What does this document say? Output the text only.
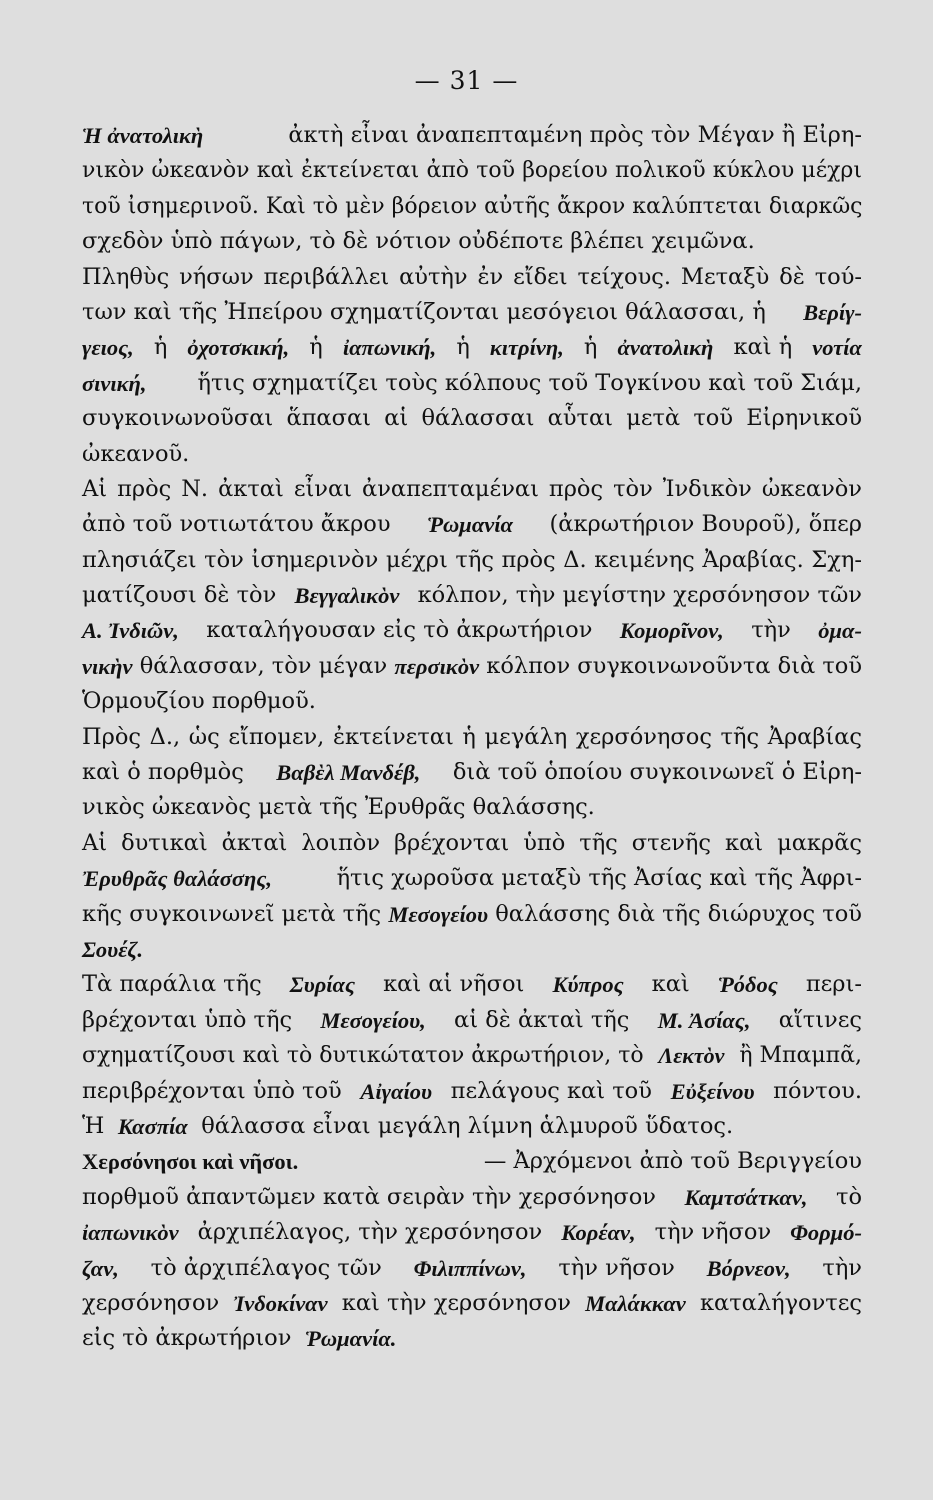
— 31 —
Ἡ ἀνατολικὴ	ἀκτὴ εἶναι ἀναπεπταμένη πρὸς τὸν Μέγαν ἢ Εἰρη-
νικὸν ὠκεανὸν καὶ ἐκτείνεται ἀπὸ τοῦ βορείου πολικοῦ κύκλου μέχρι
τοῦ ἰσημερινοῦ. Καὶ τὸ μὲν βόρειον αὐτῆς ἄκρον καλύπτεται διαρκῶς
σχεδὸν ὑπὸ πάγων, τὸ δὲ νότιον οὐδέποτε βλέπει χειμῶνα.
Πληθὺς νήσων περιβάλλει αὐτὴν ἐν εἴδει τείχους. Μεταξὺ δὲ τού-
των καὶ τῆς Ἠπείρου σχηματίζονται μεσόγειοι θάλασσαι, ἡ Βερίγ-
γειος, ἡ ὀχοτσκική, ἡ ἰαπωνική, ἡ κιτρίνη, ἡ ἀνατολικὴ καὶ ἡ νοτία
σινική, ἥτις σχηματίζει τοὺς κόλπους τοῦ Τογκίνου καὶ τοῦ Σιάμ,
συγκοινωνοῦσαι ἅπασαι αἱ θάλασσαι αὗται μετὰ τοῦ Εἰρηνικοῦ
ὠκεανοῦ.
Αἱ πρὸς Ν. ἀκταὶ εἶναι ἀναπεπταμέναι πρὸς τὸν Ἰνδικὸν ὠκεανὸν
ἀπὸ τοῦ νοτιωτάτου ἄκρου Ῥωμανία (ἀκρωτήριον Βουροῦ), ὅπερ
πλησιάζει τὸν ἰσημερινὸν μέχρι τῆς πρὸς Δ. κειμένης Ἀραβίας. Σχη-
ματίζουσι δὲ τὸν Βεγγαλικὸν κόλπον, τὴν μεγίστην χερσόνησον τῶν
Α. Ἰνδιῶν, καταλήγουσαν εἰς τὸ ἀκρωτήριον Κομορῖνον, τὴν ὀμα-
νικὴν θάλασσαν, τὸν μέγαν περσικὸν κόλπον συγκοινωνοῦντα διὰ τοῦ
Ὁρμουζίου πορθμοῦ.
Πρὸς Δ., ὡς εἴπομεν, ἐκτείνεται ἡ μεγάλη χερσόνησος τῆς Ἀραβίας
καὶ ὁ πορθμὸς Βαβὲλ Μανδέβ, διὰ τοῦ ὁποίου συγκοινωνεῖ ὁ Εἰρη-
νικὸς ὠκεανὸς μετὰ τῆς Ἐρυθρᾶς θαλάσσης.
Αἱ δυτικαὶ ἀκταὶ λοιπὸν βρέχονται ὑπὸ τῆς στενῆς καὶ μακρᾶς
Ἐρυθρᾶς θαλάσσης,	ἥτις χωροῦσα μεταξὺ τῆς Ἀσίας καὶ τῆς Ἀφρι-
κῆς συγκοινωνεῖ μετὰ τῆς Μεσογείου θαλάσσης διὰ τῆς διώρυχος τοῦ
Σουέζ.
Τὰ παράλια τῆς Συρίας καὶ αἱ νῆσοι Κύπρος καὶ Ῥόδος περι-
βρέχονται ὑπὸ τῆς Μεσογείου, αἱ δὲ ἀκταὶ τῆς Μ. Ἀσίας, αἵτινες
σχηματίζουσι καὶ τὸ δυτικώτατον ἀκρωτήριον, τὸ Λεκτὸν ἢ Μπαμπᾶ,
περιβρέχονται ὑπὸ τοῦ Αἰγαίου πελάγους καὶ τοῦ Εὐξείνου πόντου.
Ἡ Κασπία θάλασσα εἶναι μεγάλη λίμνη ἁλμυροῦ ὕδατος.
Χερσόνησοι καὶ νῆσοι.	— Ἀρχόμενοι ἀπὸ τοῦ Βεριγγείου
πορθμοῦ ἀπαντῶμεν κατὰ σειρὰν τὴν χερσόνησον Καμτσάτκαν, τὸ
ἰαπωνικὸν ἀρχιπέλαγος, τὴν χερσόνησον Κορέαν, τὴν νῆσον Φορμό-
ζαν, τὸ ἀρχιπέλαγος τῶν Φιλιππίνων, τὴν νῆσον Βόρνεον, τὴν
χερσόνησον Ἰνδοκίναν καὶ τὴν χερσόνησον Μαλάκκαν καταλήγοντες
εἰς τὸ ἀκρωτήριον Ῥωμανία.
